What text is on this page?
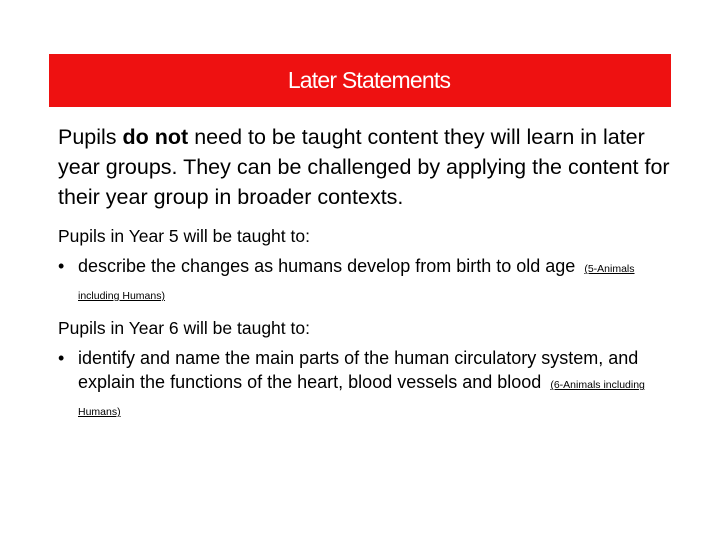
Later Statements

Pupils do not need to be taught content they will learn in later year groups. They can be challenged by applying the content for their year group in broader contexts.

Pupils in Year 5 will be taught to:

• describe the changes as humans develop from birth to old age (5-Animals including Humans)

Pupils in Year 6 will be taught to:

• identify and name the main parts of the human circulatory system, and explain the functions of the heart, blood vessels and blood (6-Animals including Humans)
